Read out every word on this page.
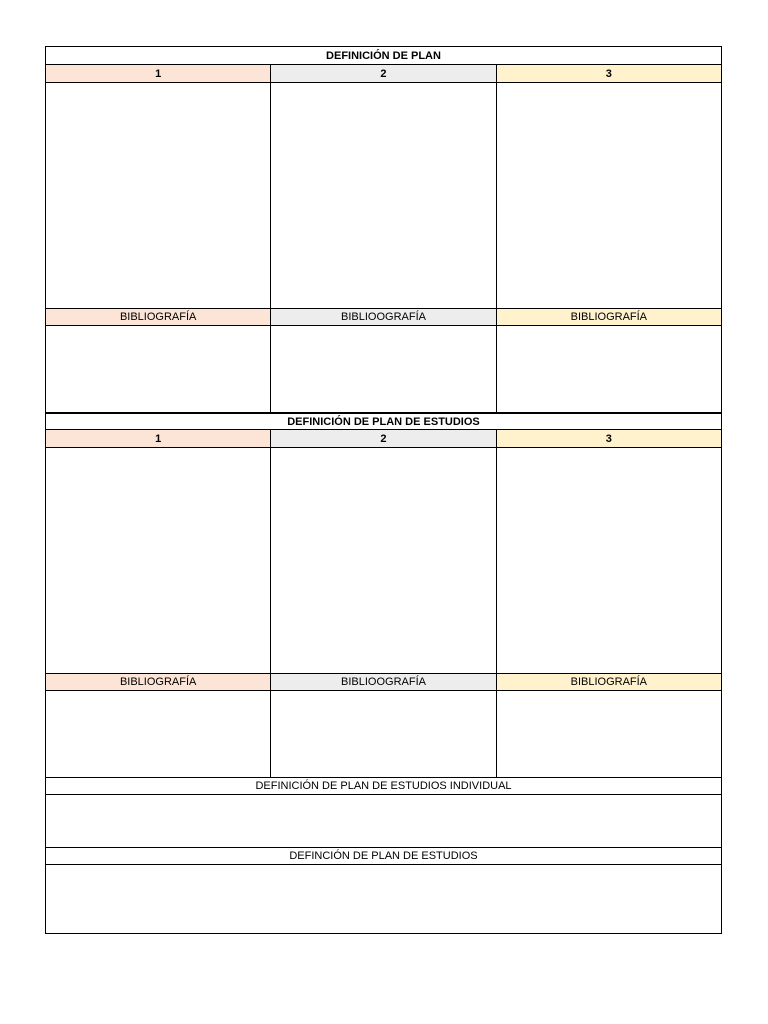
DEFINICIÓN DE PLAN
1	2	3
BIBLIOGRAFÍA	BIBLIOOGRAFÍA	BIBLIOGRAFÍA
DEFINICIÓN DE PLAN DE ESTUDIOS
1	2	3
BIBLIOGRAFÍA	BIBLIOOGRAFÍA	BIBLIOGRAFÍA
DEFINICIÓN DE PLAN DE ESTUDIOS INDIVIDUAL
DEFINCIÓN DE PLAN DE ESTUDIOS
